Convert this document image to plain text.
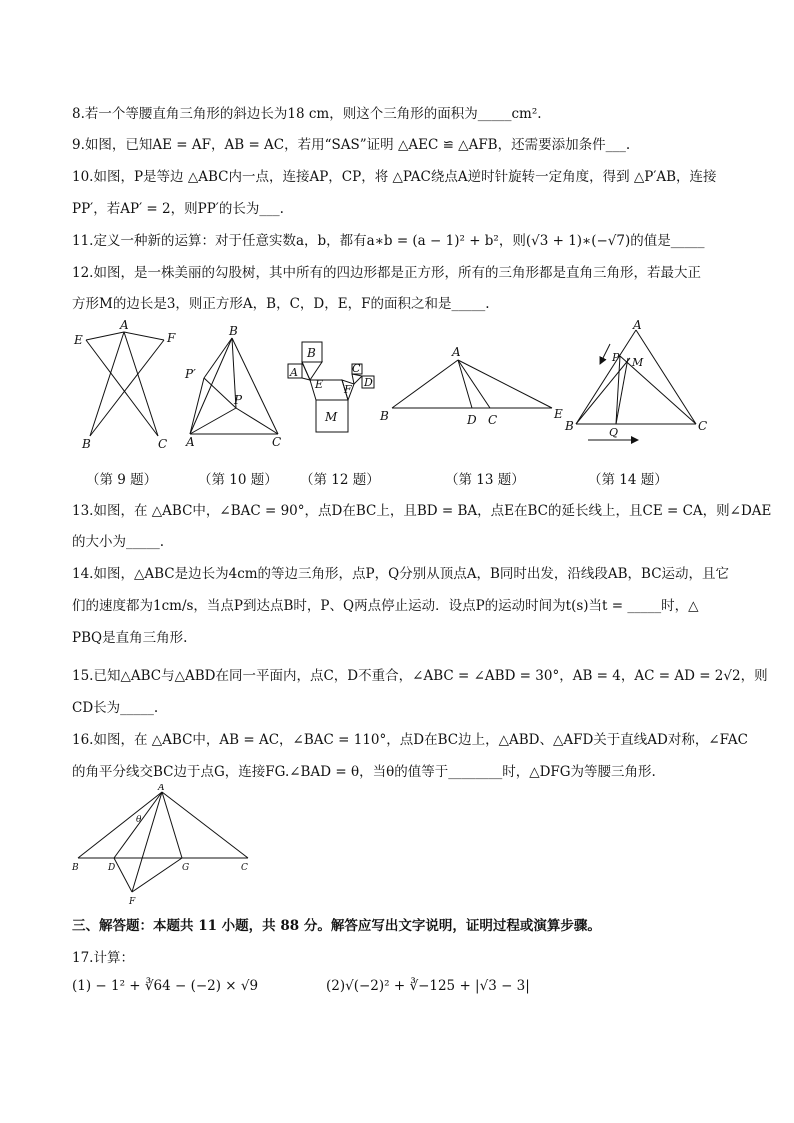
8.若一个等腰直角三角形的斜边长为18 cm，则这个三角形的面积为_____cm².
9.如图，已知AE = AF，AB = AC，若用“SAS”证明 △AEC ≌ △AFB，还需要添加条件___.
10.如图，P是等边 △ABC内一点，连接AP，CP，将 △PAC绕点A逆时针旋转一定角度，得到 △P′AB，连接
PP′，若AP′ = 2，则PP′的长为___.
11.定义一种新的运算：对于任意实数a，b，都有a∗b = (a − 1)² + b²，则(√3 + 1)∗(−√7)的值是_____
12.如图，是一株美丽的勾股树，其中所有的四边形都是正方形，所有的三角形都是直角三角形，若最大正
方形M的边长是3，则正方形A，B，C，D，E，F的面积之和是_____.
A
E	F
B	C
B
P′
P
A	C
B
A
E
C
F
D
M
A
B	D C	E
A
P M
B	Q	C
（第 9 题）	（第 10 题） （第 12 题）	（第 13 题）	（第 14 题）
13.如图，在 △ABC中，∠BAC = 90°，点D在BC上，且BD = BA，点E在BC的延长线上，且CE = CA，则∠DAE
的大小为_____.
14.如图，△ABC是边长为4cm的等边三角形，点P，Q分别从顶点A，B同时出发，沿线段AB，BC运动，且它
们的速度都为1cm/s，当点P到达点B时，P、Q两点停止运动．设点P的运动时间为t(s)当t = _____时，△
PBQ是直角三角形.
15.已知△ABC与△ABD在同一平面内，点C，D不重合，∠ABC = ∠ABD = 30°，AB = 4，AC = AD = 2√2，则
CD长为_____.
16.如图，在 △ABC中，AB = AC，∠BAC = 110°，点D在BC边上，△ABD、△AFD关于直线AD对称，∠FAC
的角平分线交BC边于点G，连接FG.∠BAD = θ，当θ的值等于________时，△DFG为等腰三角形.
A
θ
B	D	G	C
F
三、解答题：本题共 11 小题，共 88 分。解答应写出文字说明，证明过程或演算步骤。
17.计算：
(1) − 1² + ∛64 − (−2) × √9	(2)√(−2)² + ∛−125 + |√3 − 3|
